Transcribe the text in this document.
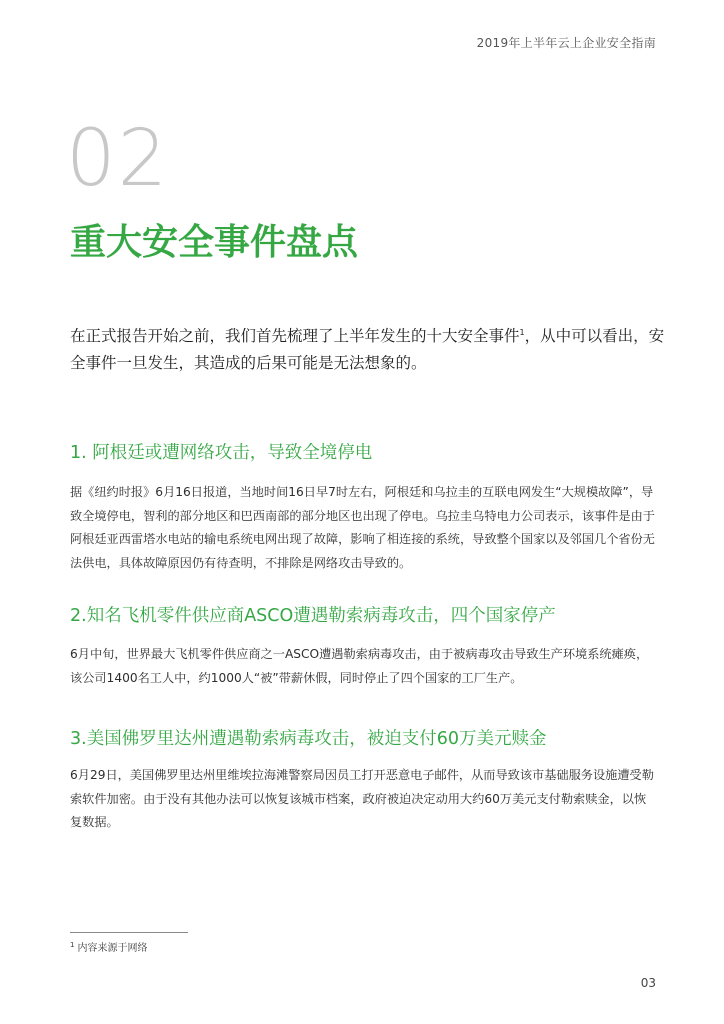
2019年上半年云上企业安全指南
02
重大安全事件盘点

在正式报告开始之前，我们首先梳理了上半年发生的十大安全事件$^1$，从中可以看出，安全事件一旦发生，其造成的后果可能是无法想象的。

1. 阿根廷或遭网络攻击，导致全境停电

据《纽约时报》6月16日报道，当地时间16日早7时左右，阿根廷和乌拉圭的互联电网发生“大规模故障”，导致全境停电，智利的部分地区和巴西南部的部分地区也出现了停电。乌拉圭乌特电力公司表示，该事件是由于阿根廷亚西雷塔水电站的输电系统电网出现了故障，影响了相连接的系统，导致整个国家以及邻国几个省份无法供电，具体故障原因仍有待查明，不排除是网络攻击导致的。

2.知名飞机零件供应商ASCO遭遇勒索病毒攻击，四个国家停产

6月中旬，世界最大飞机零件供应商之一ASCO遭遇勒索病毒攻击，由于被病毒攻击导致生产环境系统瘫痪，该公司1400名工人中，约1000人“被”带薪休假，同时停止了四个国家的工厂生产。

3.美国佛罗里达州遭遇勒索病毒攻击，被迫支付60万美元赎金

6月29日，美国佛罗里达州里维埃拉海滩警察局因员工打开恶意电子邮件，从而导致该市基础服务设施遭受勒索软件加密。由于没有其他办法可以恢复该城市档案，政府被迫决定动用大约60万美元支付勒索赎金，以恢复数据。

$^1$ 内容来源于网络
03
